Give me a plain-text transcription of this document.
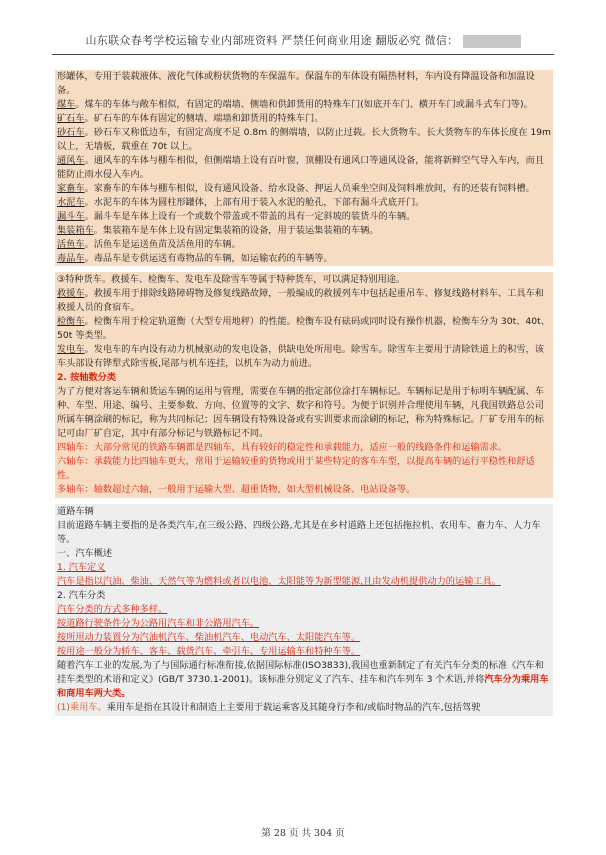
山东联众春考学校运输专业内部班资料 严禁任何商业用途 翻版必究 微信：

形罐体，专用于装载液体、液化气体或粉状货物的车保温车。保温车的车体设有隔热材料，车内设有降温设备和加温设备。

煤车。煤车的车体与敞车相似，有固定的端墙、侧墙和供卸货用的特殊车门(如底开车门、横开车门或漏斗式车门等)。

矿石车。矿石车的车体有固定的侧墙、端墙和卸货用的特殊车门。

砂石车。砂石车又称低边车，有固定高度不足 0.8m 的侧端墙，以防止过载。长大货物车。长大货物车的车体长度在 19m 以上，无墙板，载重在 70t 以上。

通风车。通风车的车体与棚车相似，但侧端墙上设有百叶窗，顶棚设有通风口等通风设备，能将新鲜空气导入车内，而且能防止雨水侵入车内。

家畜车。家畜车的车体与棚车相似，设有通风设备、给水设备、押运人员乘坐空间及饲料堆放间，有的还装有饲料槽。

水泥车。水泥车的车体为圆柱形罐体，上部有用于装入水泥的舱孔，下部有漏斗式底开门。

漏斗车。漏斗车是车体上设有一个或数个带盖或不带盖的具有一定斜坡的装货斗的车辆。

集装箱车。集装箱车是车体上设有固定集装箱的设备，用于装运集装箱的车辆。

活鱼车。活鱼车是运送鱼苗及活鱼用的车辆。

毒品车。毒品车是专供运送有毒物品的车辆，如运输农药的车辆等。

③特种货车。救援车、检衡车、发电车及除雪车等属于特种货车，可以满足特别用途。

救援车。救援车用于排除线路障碍物及修复线路故障，一般编成的救援列车中包括起重吊车、修复线路材料车、工具车和救援人员的食宿车。

检衡车。检衡车用于检定轨道衡（大型专用地秤）的性能。检衡车设有砝码或同时设有操作机器，检衡车分为 30t、40t、50t 等类型。

发电车。发电车的车内设有动力机械驱动的发电设备，供缺电处所用电。除雪车。除雪车主要用于清除铁道上的积雪，该车头部设有铧犁式除雪板,尾部与机车连挂，以机车为动力前进。

2. 按轴数分类

为了方便对客运车辆和货运车辆的运用与管理，需要在车辆的指定部位涂打车辆标记。车辆标记是用于标明车辆配属、车种、车型、用途、编号、主要参数、方向、位置等的文字、数字和符号。为便于识别并合理使用车辆，凡我国铁路总公司所属车辆涂刷的标记，称为共同标记；因车辆设有特殊设备或有实训要求而涂刷的标记，称为特殊标记。厂矿专用车的标记可由厂矿自定，其中有部分标记与铁路标记不同。

四轴车：大部分常见的铁路车辆都是四轴车，具有较好的稳定性和承载能力，适应一般的线路条件和运输需求。

六轴车：承载能力比四轴车更大，常用于运输较重的货物或用于某些特定的客车车型，以提高车辆的运行平稳性和舒适性。

多轴车：轴数超过六轴，一般用于运输大型、超重货物，如大型机械设备、电站设备等。

道路车辆

目前道路车辆主要指的是各类汽车,在三级公路、四级公路,尤其是在乡村道路上还包括拖拉机、农用车、畜力车、人力车等。

一、汽车概述

1. 汽车定义

汽车是指以汽油、柴油、天然气等为燃料或者以电池、太阳能等为新型能源,且由发动机提供动力的运输工具。

2. 汽车分类

汽车分类的方式多种多样。

按道路行驶条件分为公路用汽车和非公路用汽车。

按所用动力装置分为汽油机汽车、柴油机汽车、电动汽车、太阳能汽车等。

按用途一般分为轿车、客车、载货汽车、牵引车、专用运输车和特种车等。

随着汽车工业的发展,为了与国际通行标准衔接,依据国际标准(ISO3833),我国也重新制定了有关汽车分类的标准《汽车和挂车类型的术语和定义》(GB/T 3730.1-2001)。该标准分别定义了汽车、挂车和汽车列车 3 个术语,并将汽车分为乘用车和商用车两大类。

(1)乘用车。乘用车是指在其设计和制造上主要用于载运乘客及其随身行李和/或临时物品的汽车,包括驾驶

第 28 页 共 304 页
